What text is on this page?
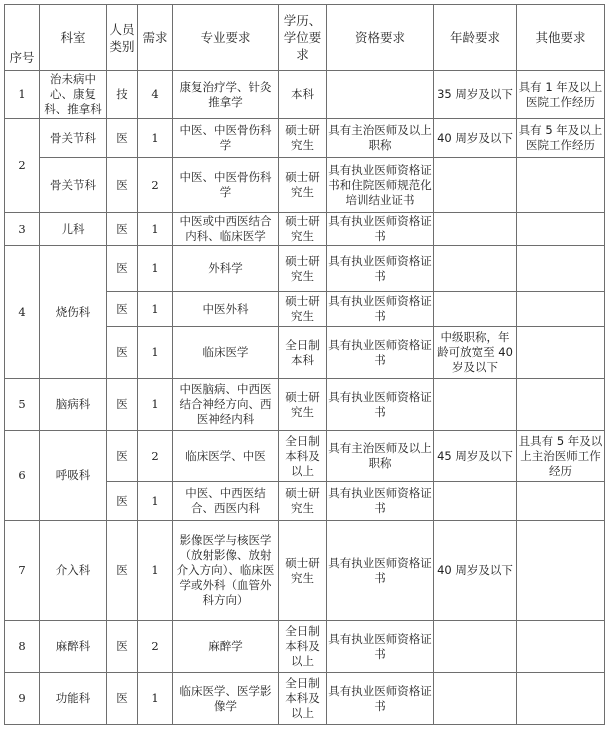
序号	科室	人员类别	需求	专业要求	学历、学位要求	资格要求	年龄要求	其他要求
1	治未病中心、康复科、推拿科	技	4	康复治疗学、针灸推拿学	本科		35 周岁及以下	具有 1 年及以上医院工作经历
2	骨关节科	医	1	中医、中医骨伤科学	硕士研究生	具有主治医师及以上职称	40 周岁及以下	具有 5 年及以上医院工作经历
	骨关节科	医	2	中医、中医骨伤科学	硕士研究生	具有执业医师资格证书和住院医师规范化培训结业证书		
3	儿科	医	1	中医或中西医结合内科、临床医学	硕士研究生	具有执业医师资格证书		
4	烧伤科	医	1	外科学	硕士研究生	具有执业医师资格证书		
		医	1	中医外科	硕士研究生	具有执业医师资格证书		
		医	1	临床医学	全日制本科	具有执业医师资格证书	中级职称，年龄可放宽至 40 岁及以下	
5	脑病科	医	1	中医脑病、中西医结合神经方向、西医神经内科	硕士研究生	具有执业医师资格证书		
6	呼吸科	医	2	临床医学、中医	全日制本科及以上	具有主治医师及以上职称	45 周岁及以下	且具有 5 年及以上主治医师工作经历
		医	1	中医、中西医结合、西医内科	硕士研究生	具有执业医师资格证书		
7	介入科	医	1	影像医学与核医学（放射影像、放射介入方向）、临床医学或外科（血管外科方向）	硕士研究生	具有执业医师资格证书	40 周岁及以下	
8	麻醉科	医	2	麻醉学	全日制本科及以上	具有执业医师资格证书		
9	功能科	医	1	临床医学、医学影像学	全日制本科及以上	具有执业医师资格证书		
